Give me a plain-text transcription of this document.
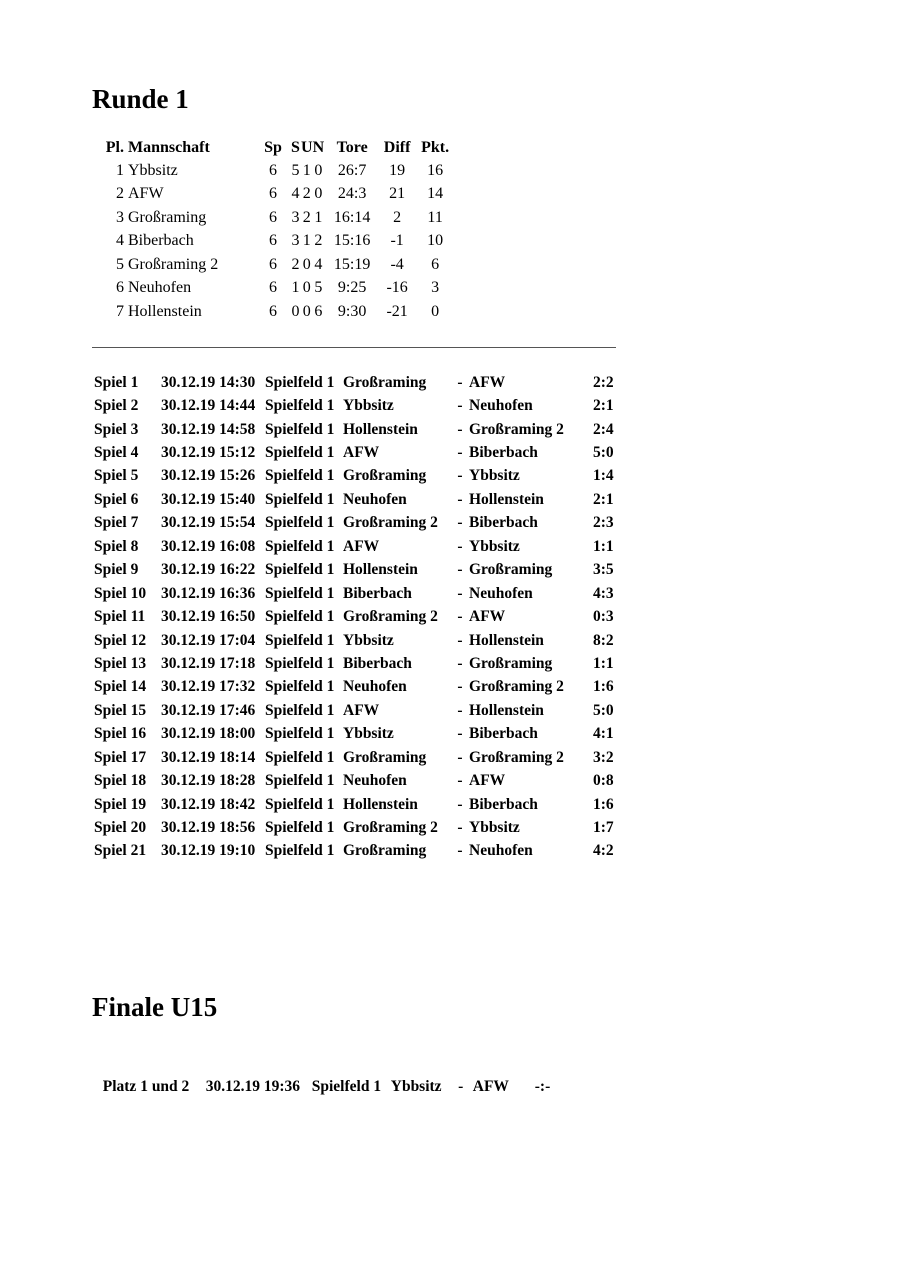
Runde 1
Pl.	Mannschaft	Sp	S	U	N	Tore	Diff	Pkt.
1	Ybbsitz	6	5	1	0	26:7	19	16
2	AFW	6	4	2	0	24:3	21	14
3	Großraming	6	3	2	1	16:14	2	11
4	Biberbach	6	3	1	2	15:16	-1	10
5	Großraming 2	6	2	0	4	15:19	-4	6
6	Neuhofen	6	1	0	5	9:25	-16	3
7	Hollenstein	6	0	0	6	9:30	-21	0
Spiel 1	30.12.19 14:30	Spielfeld 1	Großraming	-	AFW	2:2
Spiel 2	30.12.19 14:44	Spielfeld 1	Ybbsitz	-	Neuhofen	2:1
Spiel 3	30.12.19 14:58	Spielfeld 1	Hollenstein	-	Großraming 2	2:4
Spiel 4	30.12.19 15:12	Spielfeld 1	AFW	-	Biberbach	5:0
Spiel 5	30.12.19 15:26	Spielfeld 1	Großraming	-	Ybbsitz	1:4
Spiel 6	30.12.19 15:40	Spielfeld 1	Neuhofen	-	Hollenstein	2:1
Spiel 7	30.12.19 15:54	Spielfeld 1	Großraming 2	-	Biberbach	2:3
Spiel 8	30.12.19 16:08	Spielfeld 1	AFW	-	Ybbsitz	1:1
Spiel 9	30.12.19 16:22	Spielfeld 1	Hollenstein	-	Großraming	3:5
Spiel 10	30.12.19 16:36	Spielfeld 1	Biberbach	-	Neuhofen	4:3
Spiel 11	30.12.19 16:50	Spielfeld 1	Großraming 2	-	AFW	0:3
Spiel 12	30.12.19 17:04	Spielfeld 1	Ybbsitz	-	Hollenstein	8:2
Spiel 13	30.12.19 17:18	Spielfeld 1	Biberbach	-	Großraming	1:1
Spiel 14	30.12.19 17:32	Spielfeld 1	Neuhofen	-	Großraming 2	1:6
Spiel 15	30.12.19 17:46	Spielfeld 1	AFW	-	Hollenstein	5:0
Spiel 16	30.12.19 18:00	Spielfeld 1	Ybbsitz	-	Biberbach	4:1
Spiel 17	30.12.19 18:14	Spielfeld 1	Großraming	-	Großraming 2	3:2
Spiel 18	30.12.19 18:28	Spielfeld 1	Neuhofen	-	AFW	0:8
Spiel 19	30.12.19 18:42	Spielfeld 1	Hollenstein	-	Biberbach	1:6
Spiel 20	30.12.19 18:56	Spielfeld 1	Großraming 2	-	Ybbsitz	1:7
Spiel 21	30.12.19 19:10	Spielfeld 1	Großraming	-	Neuhofen	4:2
Finale U15

Platz 1 und 2 30.12.19 19:36 Spielfeld 1 Ybbsitz - AFW -:-
